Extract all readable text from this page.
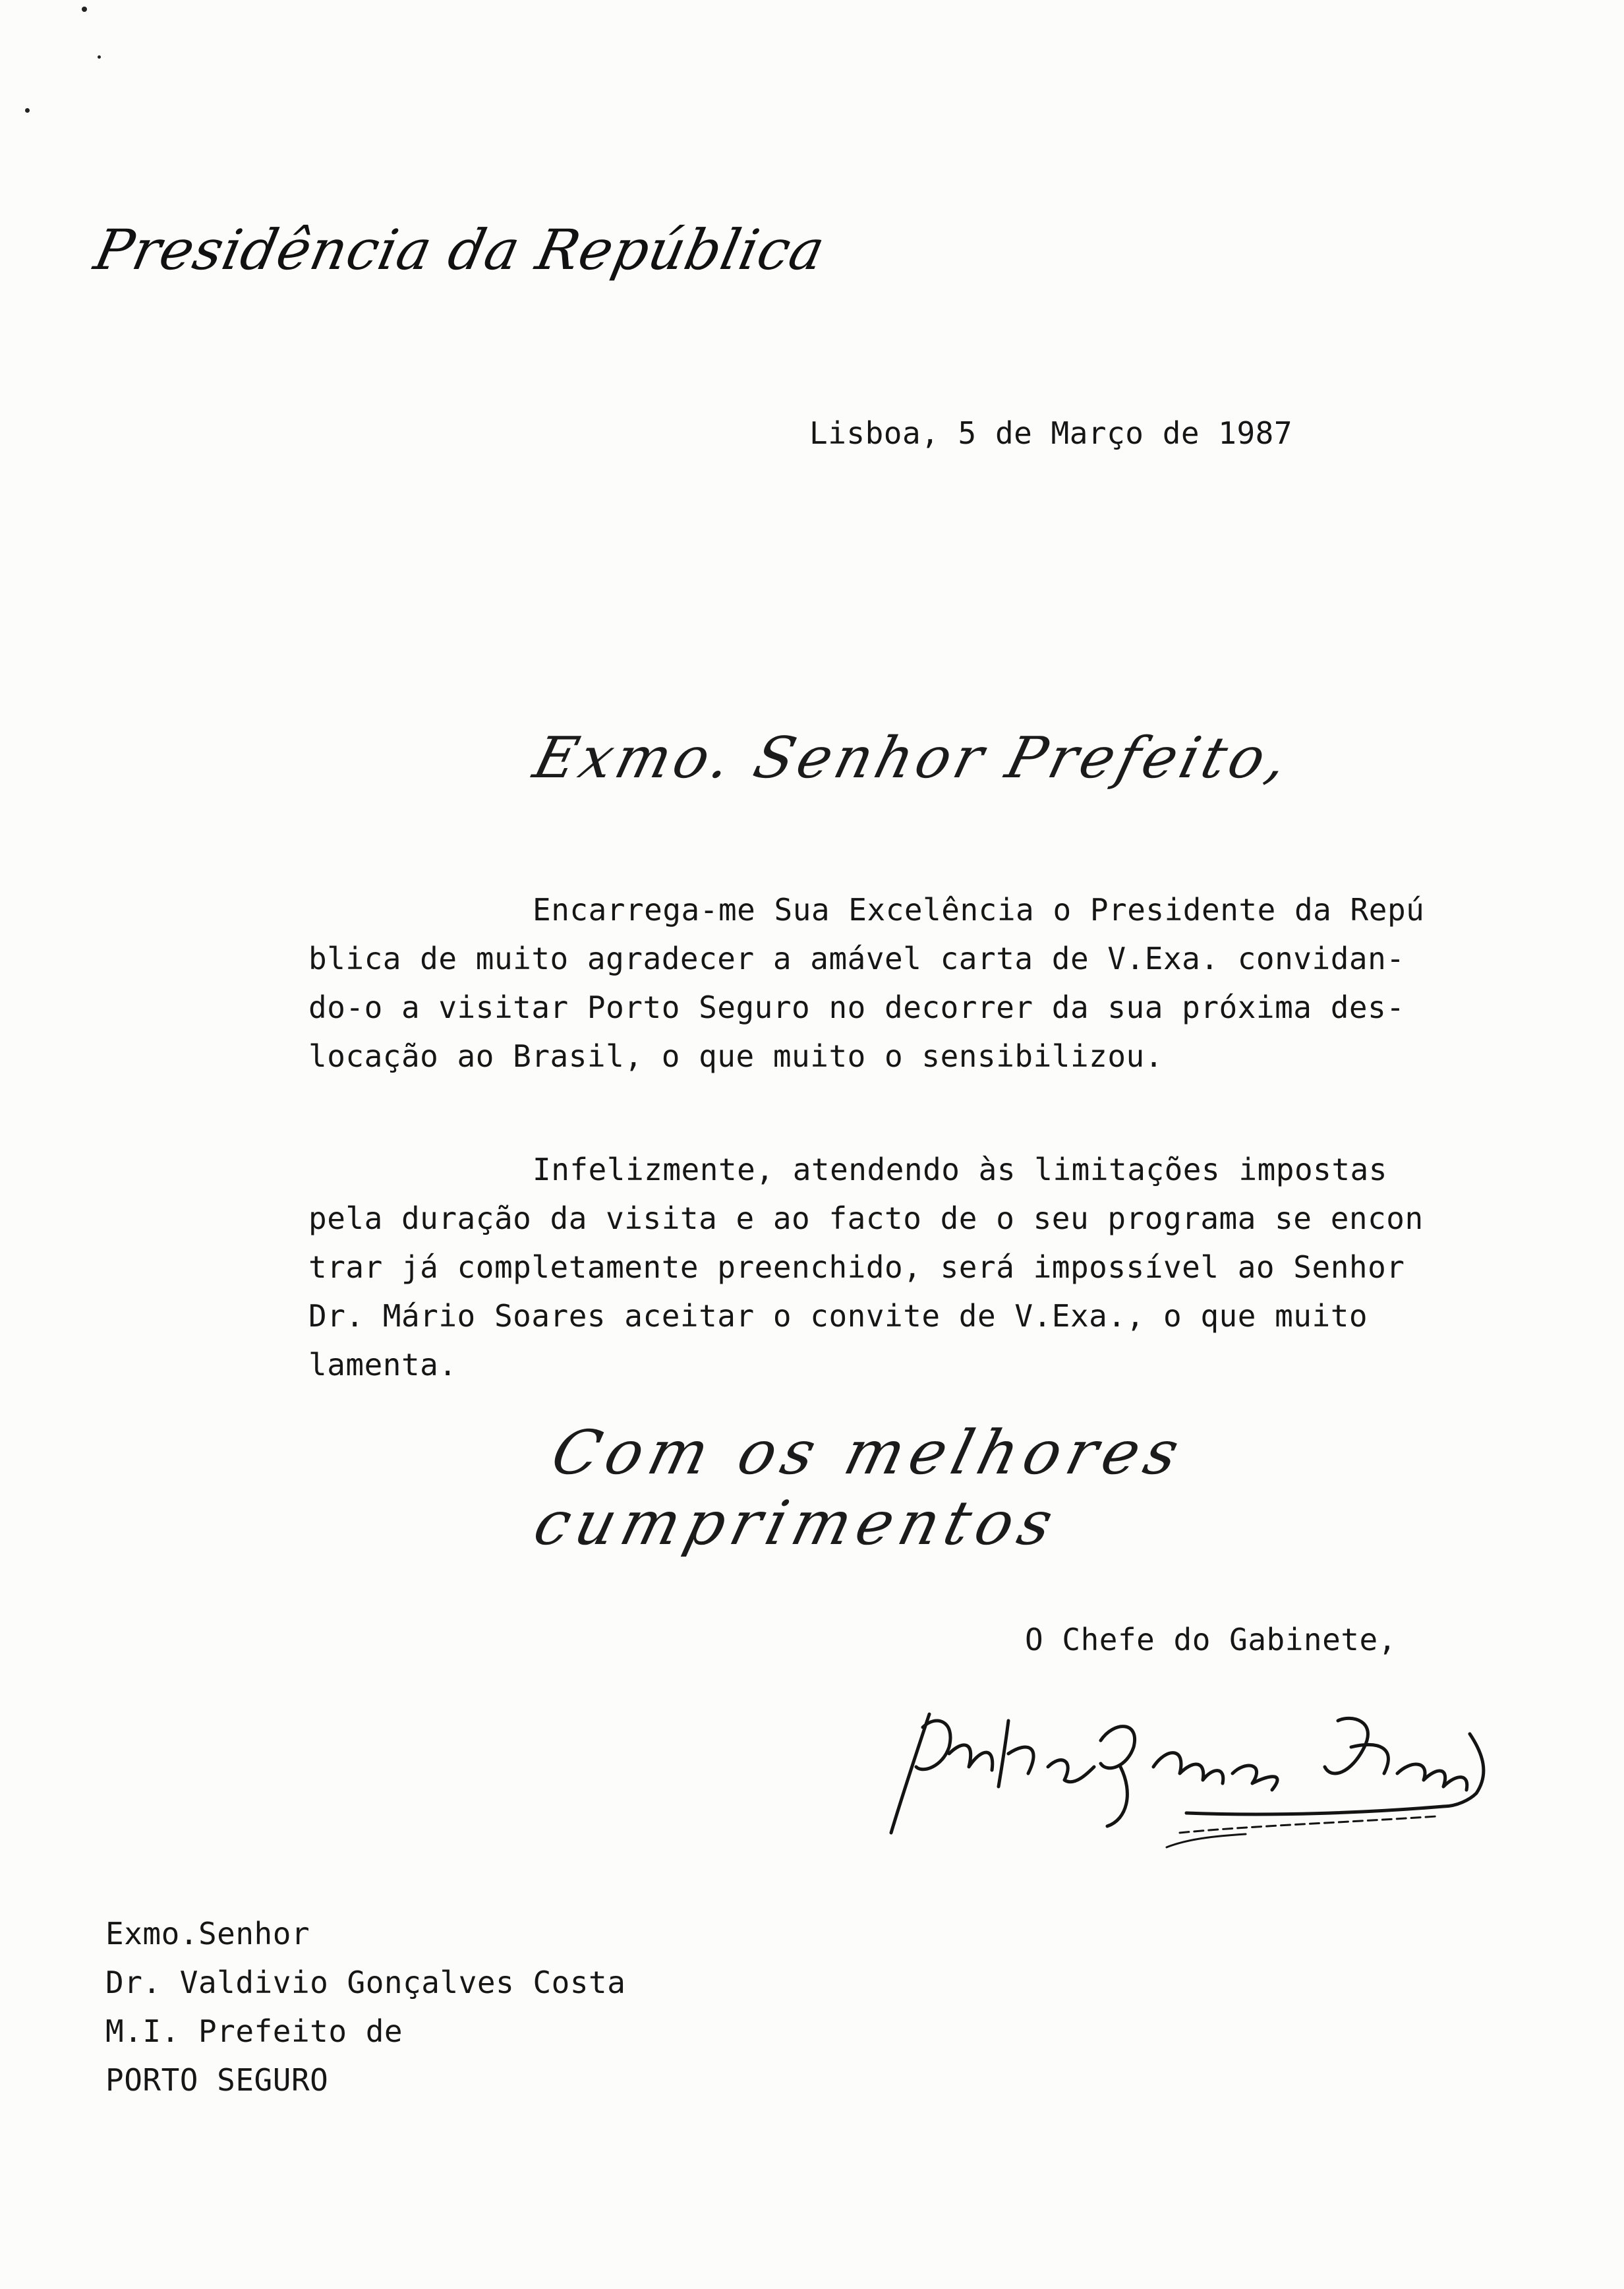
Presidência da República
Lisboa, 5 de Março de 1987
Exmo. Senhor Prefeito,
Encarrega-me Sua Excelência o Presidente da Repú
blica de muito agradecer a amável carta de V.Exa. convidan-
do-o a visitar Porto Seguro no decorrer da sua próxima des-
locação ao Brasil, o que muito o sensibilizou.
Infelizmente, atendendo às limitações impostas
pela duração da visita e ao facto de o seu programa se encon
trar já completamente preenchido, será impossível ao Senhor
Dr. Mário Soares aceitar o convite de V.Exa., o que muito
lamenta.
Com os melhores cumprimentos
O Chefe do Gabinete,
Exmo.Senhor
Dr. Valdivio Gonçalves Costa
M.I. Prefeito de
PORTO SEGURO
